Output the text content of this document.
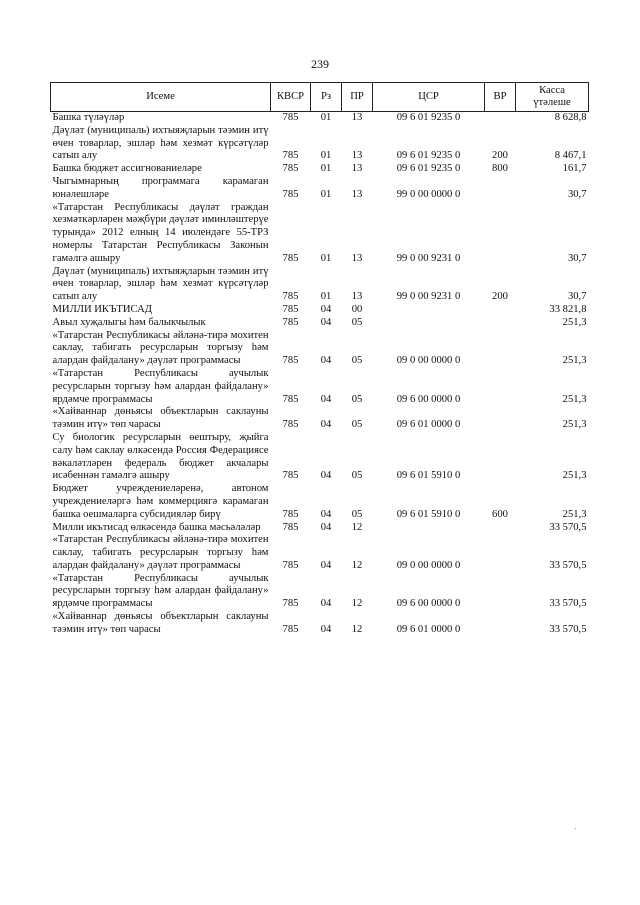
239
Исеме	КВСР	Рз	ПР	ЦСР	ВР	Касса
үтәлеше

Башка түләүләр	785	01	13	09 6 01 9235 0		8 628,8
Дәүләт (муниципаль) ихтыяҗларын тәэмин итү өчен товарлар, эшләр һәм хезмәт күрсәтүләр сатып алу	785	01	13	09 6 01 9235 0	200	8 467,1
Башка бюджет ассигнованиеләре	785	01	13	09 6 01 9235 0	800	161,7
Чыгымнарның программага карамаган юнәлешләре	785	01	13	99 0 00 0000 0		30,7
«Татарстан Республикасы дәүләт граждан хезмәткәрләрен мәҗбүри дәүләт иминләштерүе турында» 2012 елның 14 июлендәге 55-ТРЗ номерлы Татарстан Республикасы Законын гамәлгә ашыру	785	01	13	99 0 00 9231 0		30,7
Дәүләт (муниципаль) ихтыяҗларын тәэмин итү өчен товарлар, эшләр һәм хезмәт күрсәтүләр сатып алу	785	01	13	99 0 00 9231 0	200	30,7
МИЛЛИ ИКЪТИСАД	785	04	00			33 821,8
Авыл хуҗалыгы һәм балыкчылык	785	04	05			251,3
«Татарстан Республикасы әйләнә-тирә мохитен саклау, табигать ресурсларын торгызу һәм алардан файдалану» дәүләт программасы	785	04	05	09 0 00 0000 0		251,3
«Татарстан Республикасы аучылык ресурсларын торгызу һәм алардан файдалану» ярдәмче программасы	785	04	05	09 6 00 0000 0		251,3
«Хайваннар дөньясы объектларын саклауны тәэмин итү» төп чарасы	785	04	05	09 6 01 0000 0		251,3
Су биологик ресурсларын өештыру, җыйга салу һәм саклау өлкәсендә Россия Федерациясе вәкаләтләрен федераль бюджет акчалары исәбеннән гамәлгә ашыру	785	04	05	09 6 01 5910 0		251,3
Бюджет учреждениеләренә, автоном учреждениеләргә һәм коммерциягә карамаган башка оешмаларга субсидияләр бирү	785	04	05	09 6 01 5910 0	600	251,3
Милли икътисад өлкәсендә башка мәсьәләләр	785	04	12			33 570,5
«Татарстан Республикасы әйләнә-тирә мохитен саклау, табигать ресурсларын торгызу һәм алардан файдалану» дәүләт программасы	785	04	12	09 0 00 0000 0		33 570,5
«Татарстан Республикасы аучылык ресурсларын торгызу һәм алардан файдалану» ярдәмче программасы	785	04	12	09 6 00 0000 0		33 570,5
«Хайваннар дөньясы объектларын саклауны тәэмин итү» төп чарасы	785	04	12	09 6 01 0000 0		33 570,5
